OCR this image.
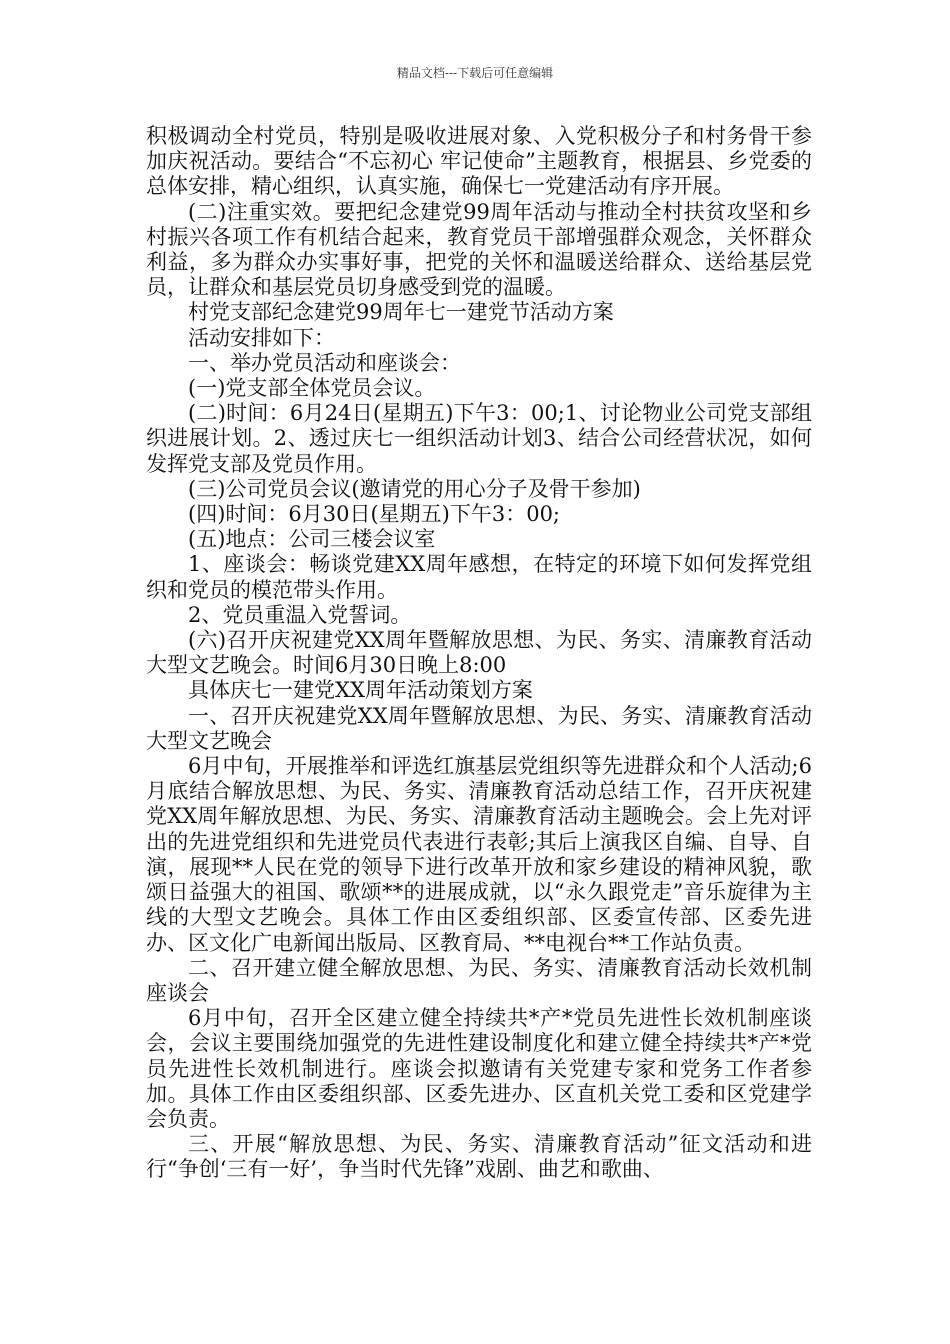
精品文档---下载后可任意编辑

积极调动全村党员，特别是吸收进展对象、入党积极分子和村务骨干参加庆祝活动。要结合“不忘初心 牢记使命”主题教育，根据县、乡党委的总体安排，精心组织，认真实施，确保七一党建活动有序开展。

(二)注重实效。要把纪念建党99周年活动与推动全村扶贫攻坚和乡村振兴各项工作有机结合起来，教育党员干部增强群众观念，关怀群众利益，多为群众办实事好事，把党的关怀和温暖送给群众、送给基层党员，让群众和基层党员切身感受到党的温暖。

村党支部纪念建党99周年七一建党节活动方案

活动安排如下：

一、举办党员活动和座谈会：

(一)党支部全体党员会议。

(二)时间：6月24日(星期五)下午3：00;1、讨论物业公司党支部组织进展计划。2、透过庆七一组织活动计划3、结合公司经营状况，如何发挥党支部及党员作用。

(三)公司党员会议(邀请党的用心分子及骨干参加)

(四)时间：6月30日(星期五)下午3：00;

(五)地点：公司三楼会议室

1、座谈会：畅谈党建XX周年感想，在特定的环境下如何发挥党组织和党员的模范带头作用。

2、党员重温入党誓词。

(六)召开庆祝建党XX周年暨解放思想、为民、务实、清廉教育活动大型文艺晚会。时间6月30日晚上8:00

具体庆七一建党XX周年活动策划方案

一、召开庆祝建党XX周年暨解放思想、为民、务实、清廉教育活动大型文艺晚会

6月中旬，开展推举和评选红旗基层党组织等先进群众和个人活动;6月底结合解放思想、为民、务实、清廉教育活动总结工作，召开庆祝建党XX周年解放思想、为民、务实、清廉教育活动主题晚会。会上先对评出的先进党组织和先进党员代表进行表彰;其后上演我区自编、自导、自演，展现**人民在党的领导下进行改革开放和家乡建设的精神风貌，歌颂日益强大的祖国、歌颂**的进展成就，以“永久跟党走”音乐旋律为主线的大型文艺晚会。具体工作由区委组织部、区委宣传部、区委先进办、区文化广电新闻出版局、区教育局、**电视台**工作站负责。

二、召开建立健全解放思想、为民、务实、清廉教育活动长效机制座谈会

6月中旬，召开全区建立健全持续共*产*党员先进性长效机制座谈会，会议主要围绕加强党的先进性建设制度化和建立健全持续共*产*党员先进性长效机制进行。座谈会拟邀请有关党建专家和党务工作者参加。具体工作由区委组织部、区委先进办、区直机关党工委和区党建学会负责。

三、开展“解放思想、为民、务实、清廉教育活动”征文活动和进行“争创‘三有一好’，争当时代先锋”戏剧、曲艺和歌曲、
